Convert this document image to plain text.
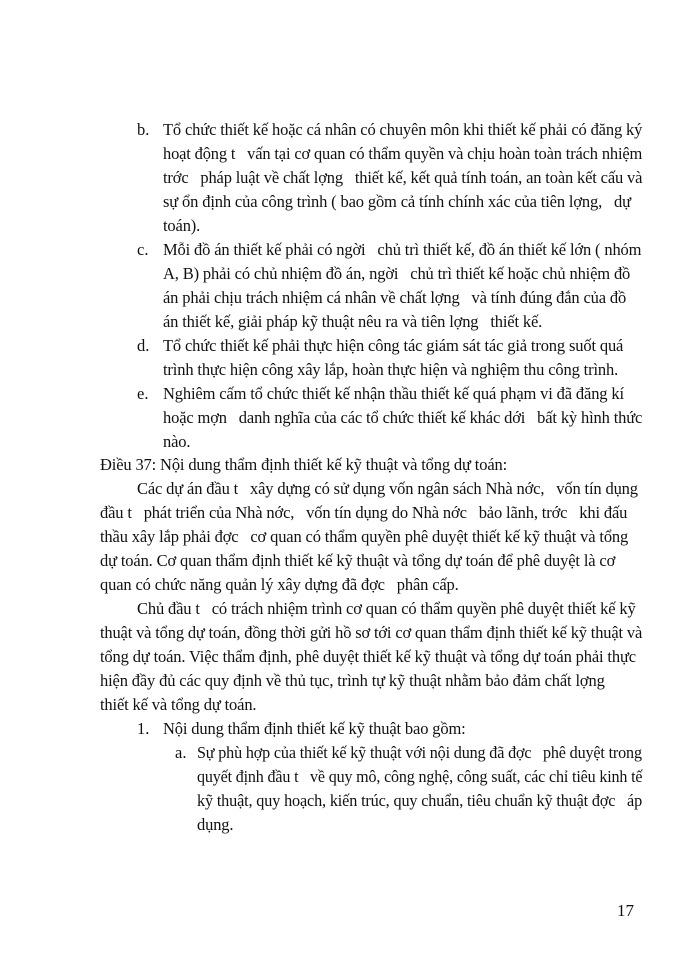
b. Tổ chức thiết kế hoặc cá nhân có chuyên môn khi thiết kế phải có đăng ký

hoạt động t   vấn tại cơ quan có thẩm quyền và chịu hoàn toàn trách nhiệm

trớc   pháp luật về chất lợng   thiết kế, kết quả tính toán, an toàn kết cấu và

sự ổn định của công trình ( bao gồm cả tính chính xác của tiên lợng,   dự

toán).

c. Mỗi đồ án thiết kế phải có ngời   chủ trì thiết kế, đồ án thiết kế lớn ( nhóm

A, B) phải có chủ nhiệm đồ án, ngời   chủ trì thiết kế hoặc chủ nhiệm đồ

án phải chịu trách nhiệm cá nhân về chất lợng   và tính đúng đắn của đồ

án thiết kế, giải pháp kỹ thuật nêu ra và tiên lợng   thiết kế.

d. Tổ chức thiết kế phải thực hiện công tác giám sát tác giả trong suốt quá

trình thực hiện công xây lắp, hoàn thực hiện và nghiệm thu công trình.

e. Nghiêm cấm tổ chức thiết kế nhận thầu thiết kế quá phạm vi đã đăng kí

hoặc mợn   danh nghĩa của các tổ chức thiết kế khác dới   bất kỳ hình thức

nào.

Điều 37: Nội dung thẩm định thiết kế kỹ thuật và tổng dự toán:

Các dự án đầu t   xây dựng có sử dụng vốn ngân sách Nhà nớc,   vốn tín dụng

đầu t   phát triển của Nhà nớc,   vốn tín dụng do Nhà nớc   bảo lãnh, trớc   khi đấu

thầu xây lắp phải đợc   cơ quan có thẩm quyền phê duyệt thiết kế kỹ thuật và tổng

dự toán. Cơ quan thẩm định thiết kế kỹ thuật và tổng dự toán để phê duyệt là cơ

quan có chức năng quản lý xây dựng đã đợc   phân cấp.

Chủ đầu t   có trách nhiệm trình cơ quan có thẩm quyền phê duyệt thiết kế kỹ

thuật và tổng dự toán, đồng thời gửi hồ sơ tới cơ quan thẩm định thiết kế kỹ thuật và

tổng dự toán. Việc thẩm định, phê duyệt thiết kế kỹ thuật và tổng dự toán phải thực

hiện đầy đủ các quy định về thủ tục, trình tự kỹ thuật nhằm bảo đảm chất lợng

thiết kế và tổng dự toán.

1. Nội dung thẩm định thiết kế kỹ thuật bao gồm:

a. Sự phù hợp của thiết kế kỹ thuật với nội dung đã đợc   phê duyệt trong

quyết định đầu t   về quy mô, công nghệ, công suất, các chỉ tiêu kinh tế

kỹ thuật, quy hoạch, kiến trúc, quy chuẩn, tiêu chuẩn kỹ thuật đợc   áp

dụng.

17
